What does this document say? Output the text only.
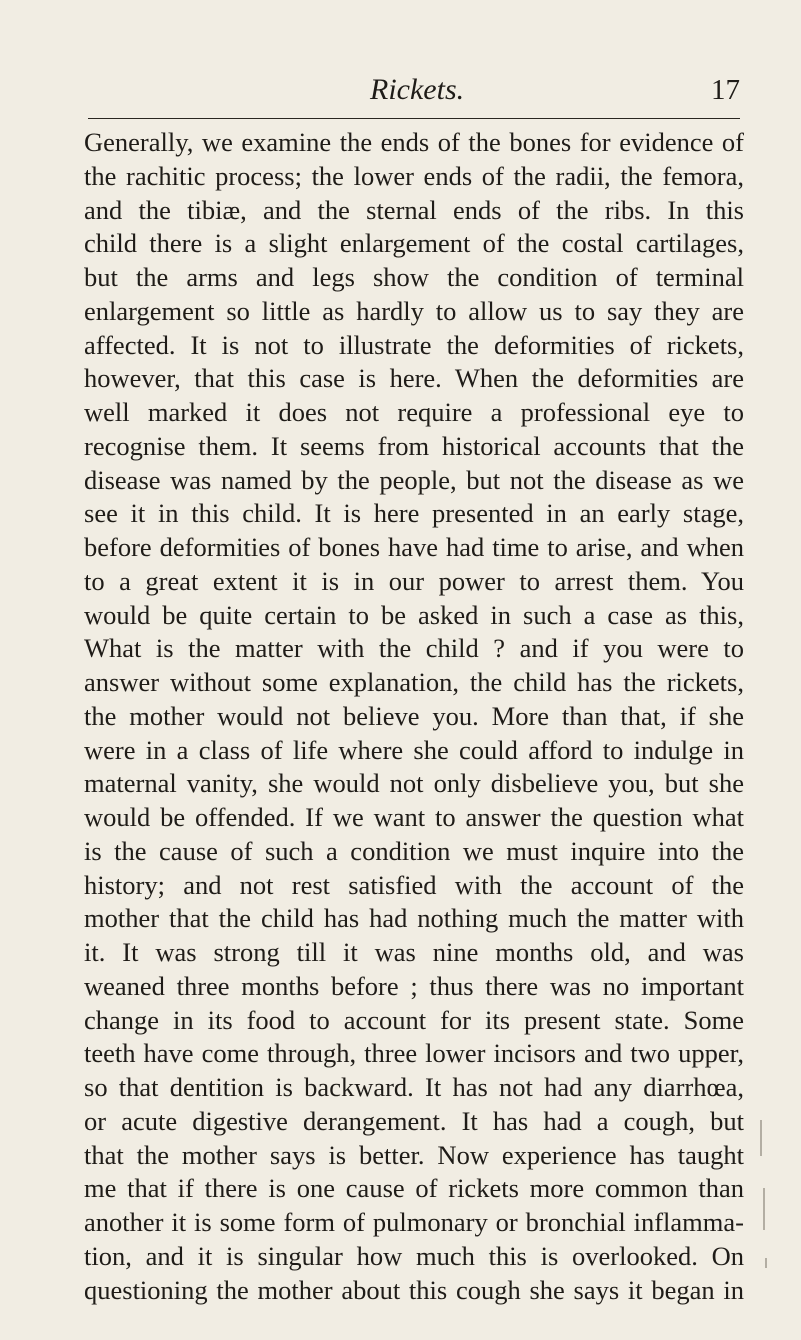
Rickets.	17
Generally, we examine the ends of the bones for evidence of
the rachitic process; the lower ends of the radii, the femora,
and the tibiæ, and the sternal ends of the ribs. In this
child there is a slight enlargement of the costal cartilages,
but the arms and legs show the condition of terminal
enlargement so little as hardly to allow us to say they are
affected. It is not to illustrate the deformities of rickets,
however, that this case is here. When the deformities are
well marked it does not require a professional eye to
recognise them. It seems from historical accounts that the
disease was named by the people, but not the disease as we
see it in this child. It is here presented in an early stage,
before deformities of bones have had time to arise, and when
to a great extent it is in our power to arrest them. You
would be quite certain to be asked in such a case as this,
What is the matter with the child ? and if you were to
answer without some explanation, the child has the rickets,
the mother would not believe you. More than that, if she
were in a class of life where she could afford to indulge in
maternal vanity, she would not only disbelieve you, but she
would be offended. If we want to answer the question what
is the cause of such a condition we must inquire into the
history; and not rest satisfied with the account of the
mother that the child has had nothing much the matter with
it. It was strong till it was nine months old, and was
weaned three months before ; thus there was no important
change in its food to account for its present state. Some
teeth have come through, three lower incisors and two upper,
so that dentition is backward. It has not had any diarrhœa,
or acute digestive derangement. It has had a cough, but
that the mother says is better. Now experience has taught
me that if there is one cause of rickets more common than
another it is some form of pulmonary or bronchial inflamma-
tion, and it is singular how much this is overlooked. On
questioning the mother about this cough she says it began in
